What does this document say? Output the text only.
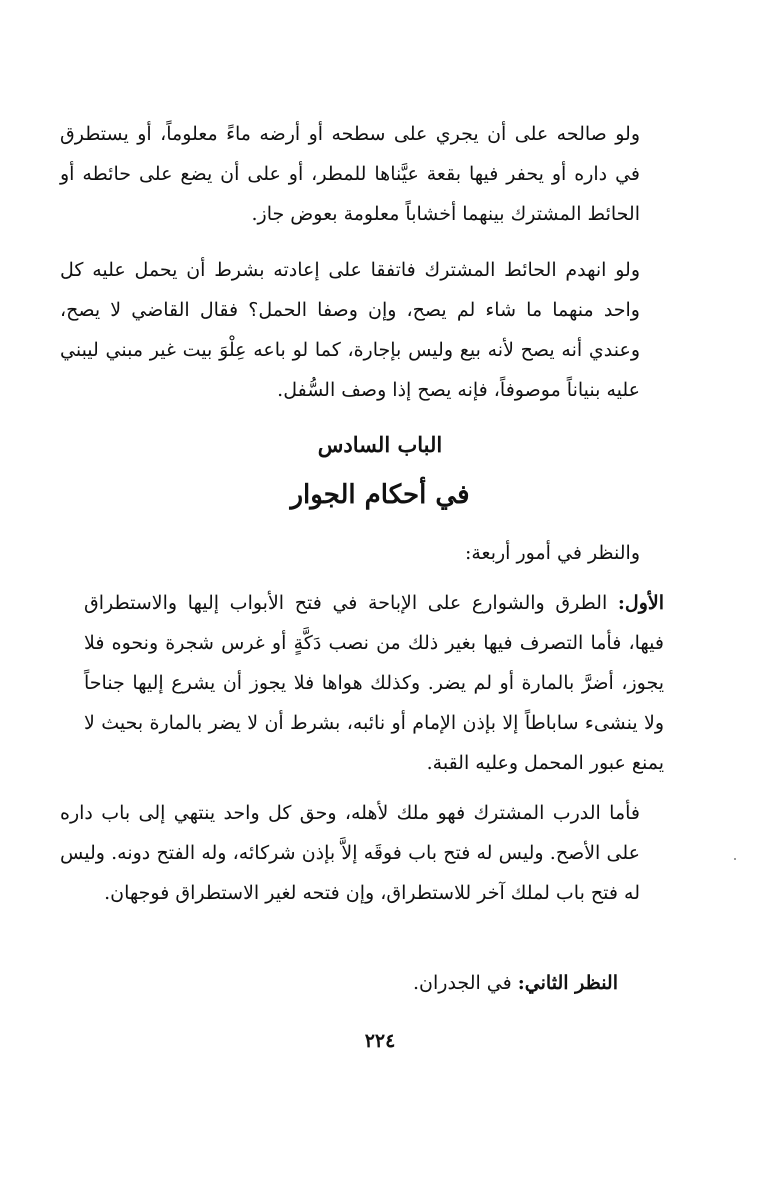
ولو صالحه على أن يجري على سطحه أو أرضه ماءً معلوماً، أو يستطرق في داره أو يحفر فيها بقعة عيَّناها للمطر، أو على أن يضع على حائطه أو الحائط المشترك بينهما أخشاباً معلومة بعوض جاز.

ولو انهدم الحائط المشترك فاتفقا على إعادته بشرط أن يحمل عليه كل واحد منهما ما شاء لم يصح، وإن وصفا الحمل؟ فقال القاضي لا يصح، وعندي أنه يصح لأنه بيع وليس بإجارة، كما لو باعه عِلْوَ بيت غير مبني ليبني عليه بنياناً موصوفاً، فإنه يصح إذا وصف السُّفل.

الباب السادس
في أحكام الجوار

والنظر في أمور أربعة:

الأول: الطرق والشوارع على الإباحة في فتح الأبواب إليها والاستطراق فيها، فأما التصرف فيها بغير ذلك من نصب دَكَّةٍ أو غرس شجرة ونحوه فلا يجوز، أضرَّ بالمارة أو لم يضر. وكذلك هواها فلا يجوز أن يشرع إليها جناحاً ولا ينشىء ساباطاً إلا بإذن الإمام أو نائبه، بشرط أن لا يضر بالمارة بحيث لا يمنع عبور المحمل وعليه القبة.

فأما الدرب المشترك فهو ملك لأهله، وحق كل واحد ينتهي إلى باب داره على الأصح. وليس له فتح باب فوقَه إلاَّ بإذن شركائه، وله الفتح دونه. وليس له فتح باب لملك آخر للاستطراق، وإن فتحه لغير الاستطراق فوجهان.

النظر الثاني: في الجدران.

٢٢٤
